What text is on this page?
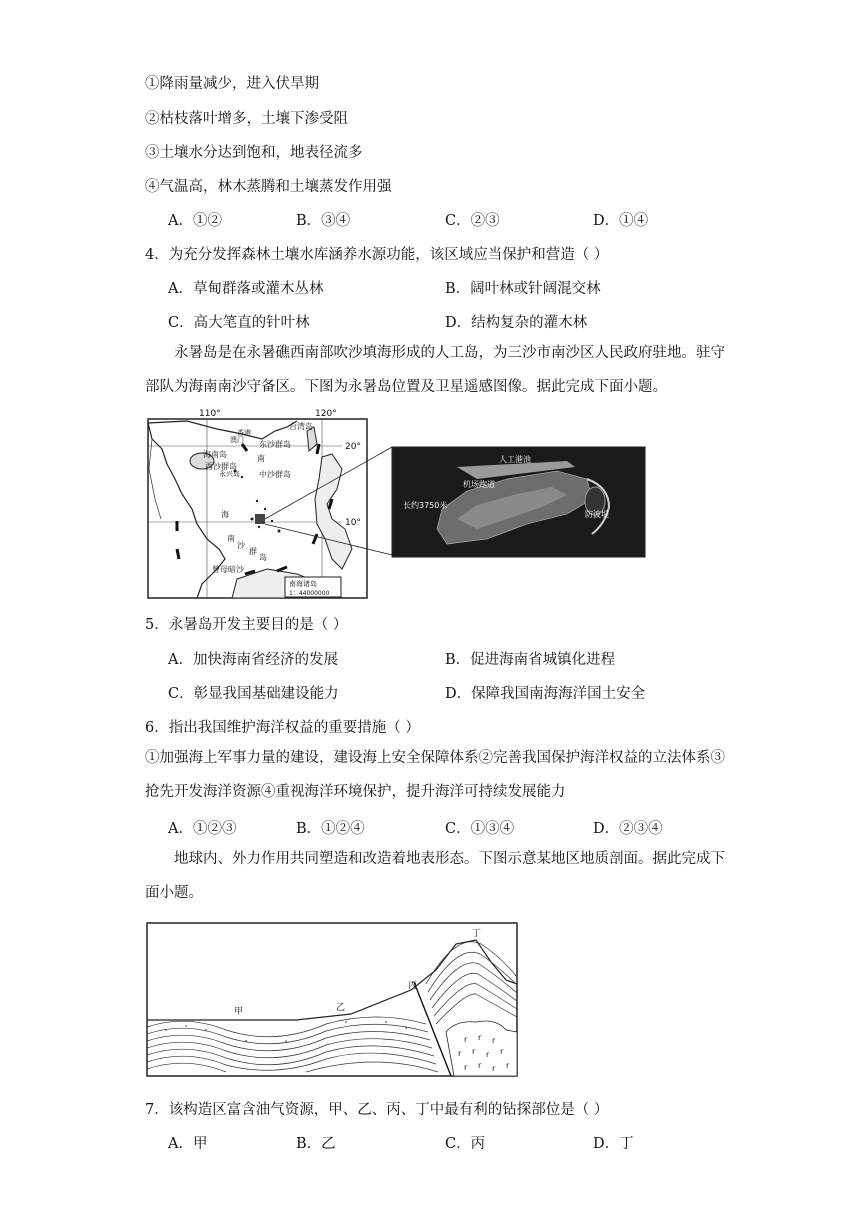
①降雨量减少，进入伏旱期
②枯枝落叶增多，土壤下渗受阻
③土壤水分达到饱和，地表径流多
④气温高，林木蒸腾和土壤蒸发作用强
A．①②	B．③④	C．②③	D．①④
4．为充分发挥森林土壤水库涵养水源功能，该区域应当保护和营造（ ）
A．草甸群落或灌木丛林	B．阔叶林或针阔混交林
C．高大笔直的针叶林	D．结构复杂的灌木林
永暑岛是在永暑礁西南部吹沙填海形成的人工岛，为三沙市南沙区人民政府驻地。驻守部队为海南南沙守备区。下图为永暑岛位置及卫星遥感图像。据此完成下面小题。
110°	120°
20°
10°
台湾岛
香港
澳门 东沙群岛
海南岛	南
西沙群岛
永兴岛 中沙群岛
海
南
沙
群
岛
曾母暗沙
南海诸岛
1：44000000
人工港池
机场跑道
长约3750米
防波堤
5．永暑岛开发主要目的是（ ）
A．加快海南省经济的发展	B．促进海南省城镇化进程
C．彰显我国基础建设能力	D．保障我国南海海洋国土安全
6．指出我国维护海洋权益的重要措施（ ）
①加强海上军事力量的建设，建设海上安全保障体系②完善我国保护海洋权益的立法体系③抢先开发海洋资源④重视海洋环境保护，提升海洋可持续发展能力
A．①②③	B．①②④	C．①③④	D．②③④
地球内、外力作用共同塑造和改造着地表形态。下图示意某地区地质剖面。据此完成下面小题。
r r r
r r r r
r r r r
甲	乙
丙
丁
7．该构造区富含油气资源，甲、乙、丙、丁中最有利的钻探部位是（ ）
A．甲	B．乙	C．丙	D．丁
